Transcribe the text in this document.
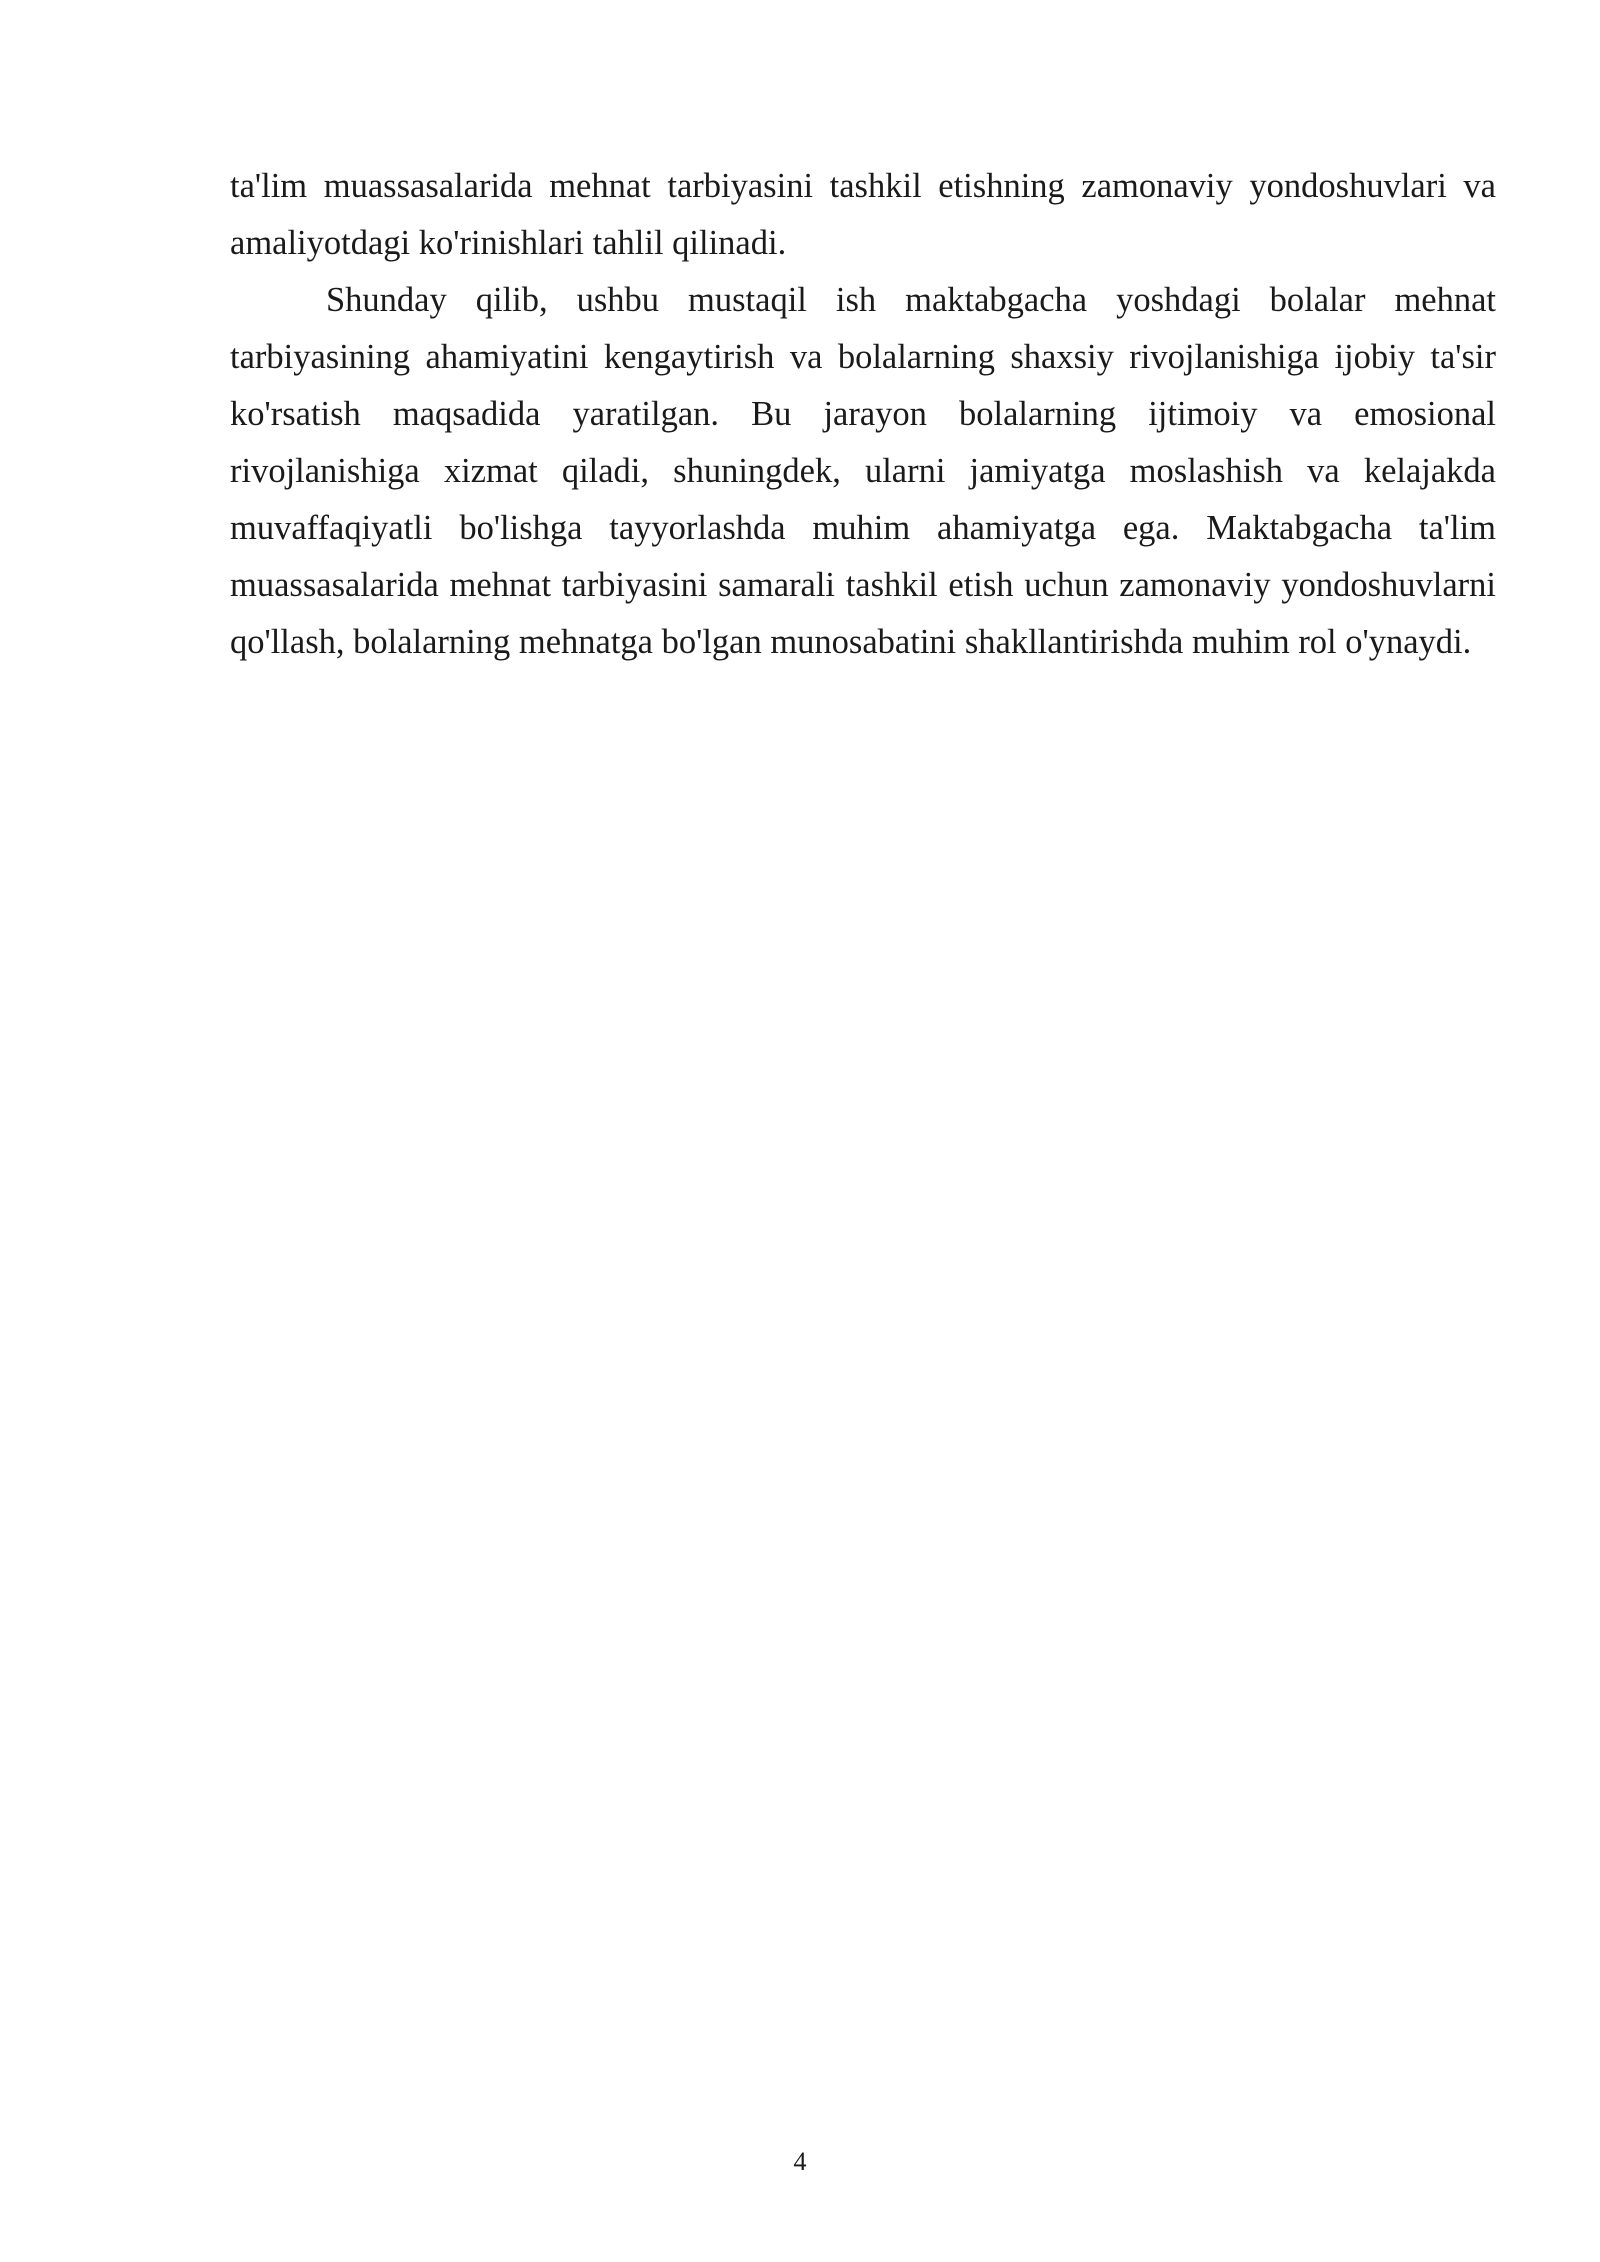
ta'lim muassasalarida mehnat tarbiyasini tashkil etishning zamonaviy yondoshuvlari va amaliyotdagi ko'rinishlari tahlil qilinadi.

Shunday qilib, ushbu mustaqil ish maktabgacha yoshdagi bolalar mehnat tarbiyasining ahamiyatini kengaytirish va bolalarning shaxsiy rivojlanishiga ijobiy ta'sir ko'rsatish maqsadida yaratilgan. Bu jarayon bolalarning ijtimoiy va emosional rivojlanishiga xizmat qiladi, shuningdek, ularni jamiyatga moslashish va kelajakda muvaffaqiyatli bo'lishga tayyorlashda muhim ahamiyatga ega. Maktabgacha ta'lim muassasalarida mehnat tarbiyasini samarali tashkil etish uchun zamonaviy yondoshuvlarni qo'llash, bolalarning mehnatga bo'lgan munosabatini shakllantirishda muhim rol o'ynaydi.

4
